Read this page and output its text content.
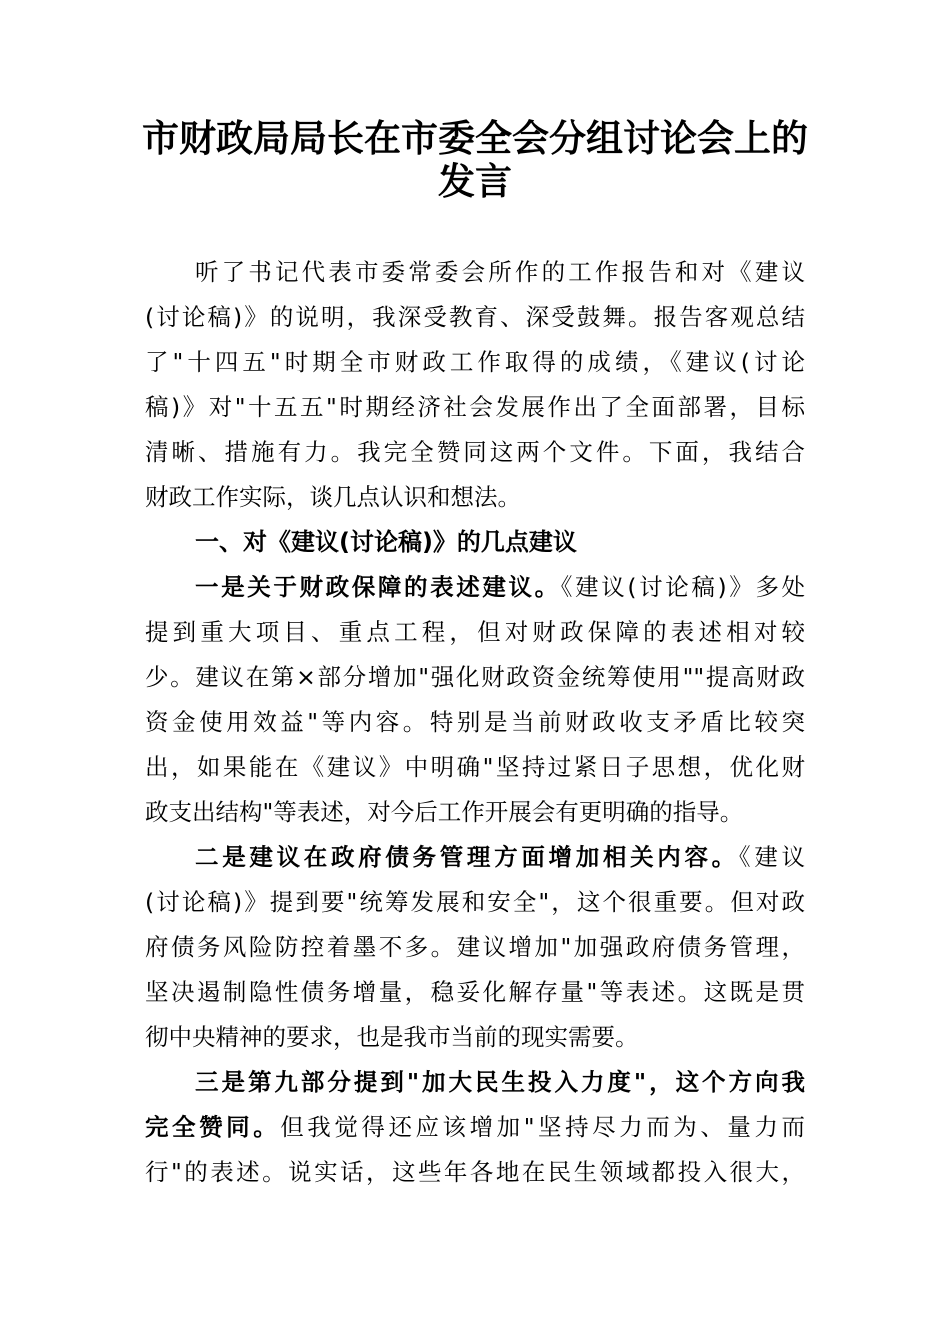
市财政局局长在市委全会分组讨论会上的
发言
听了书记代表市委常委会所作的工作报告和对《建议
(讨论稿)》的说明，我深受教育、深受鼓舞。报告客观总结
了"十四五"时期全市财政工作取得的成绩，《建议(讨论
稿)》对"十五五"时期经济社会发展作出了全面部署，目标
清晰、措施有力。我完全赞同这两个文件。下面，我结合
财政工作实际，谈几点认识和想法。
一、对《建议(讨论稿)》的几点建议
一是关于财政保障的表述建议。《建议(讨论稿)》多处
提到重大项目、重点工程，但对财政保障的表述相对较
少。建议在第×部分增加"强化财政资金统筹使用""提高财政
资金使用效益"等内容。特别是当前财政收支矛盾比较突
出，如果能在《建议》中明确"坚持过紧日子思想，优化财
政支出结构"等表述，对今后工作开展会有更明确的指导。
二是建议在政府债务管理方面增加相关内容。《建议
(讨论稿)》提到要"统筹发展和安全"，这个很重要。但对政
府债务风险防控着墨不多。建议增加"加强政府债务管理，
坚决遏制隐性债务增量，稳妥化解存量"等表述。这既是贯
彻中央精神的要求，也是我市当前的现实需要。
三是第九部分提到"加大民生投入力度"，这个方向我
完全赞同。但我觉得还应该增加"坚持尽力而为、量力而
行"的表述。说实话，这些年各地在民生领域都投入很大，
